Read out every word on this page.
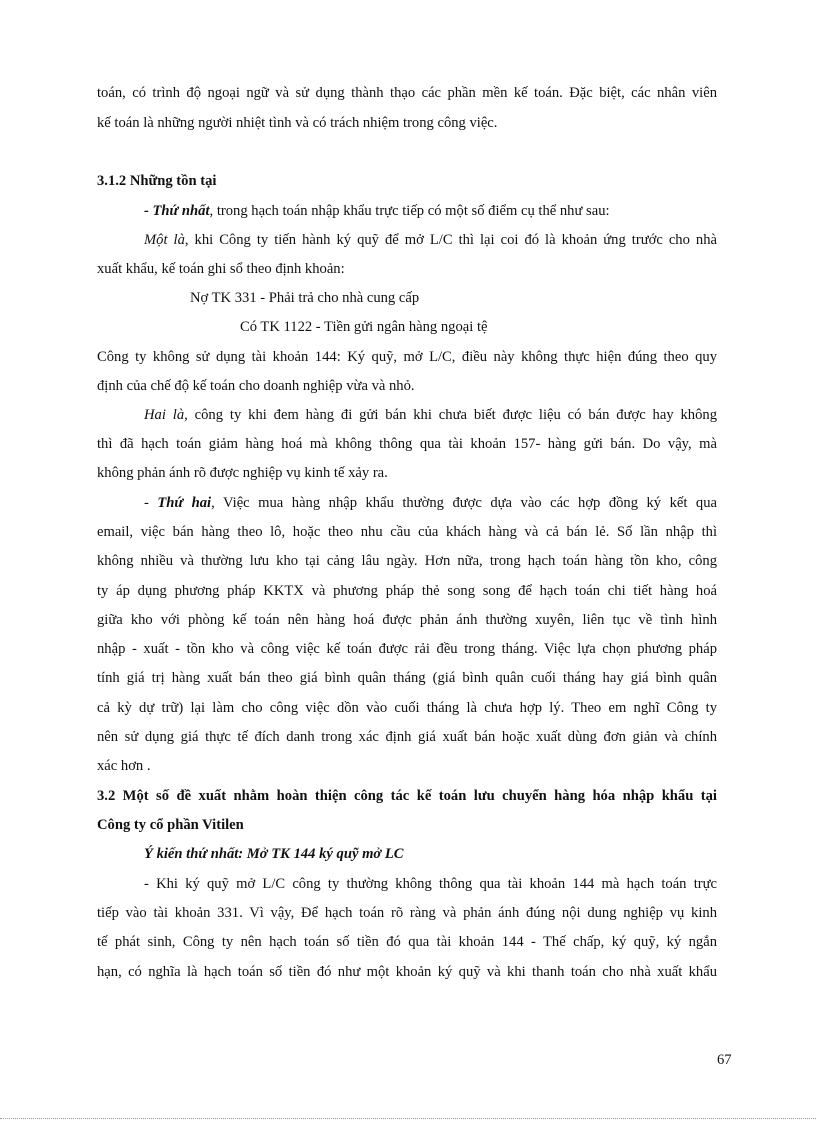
toán, có trình độ ngoại ngữ và sử dụng thành thạo các phần mền kế toán. Đặc biệt, các nhân viên
kế toán là những người nhiệt tình và có trách nhiệm trong công việc.
3.1.2 Những tồn tại
- Thứ nhất, trong hạch toán nhập khẩu trực tiếp có một số điểm cụ thể như sau:
Một là, khi Công ty tiến hành ký quỹ để mở L/C thì lại coi đó là khoản ứng trước cho nhà
xuất khẩu, kế toán ghi sổ theo định khoản:
Nợ TK 331 - Phải trả cho nhà cung cấp
Có TK 1122 - Tiền gửi ngân hàng ngoại tệ
Công ty không sử dụng tài khoản 144: Ký quỹ, mở L/C, điều này không thực hiện đúng theo quy
định của chế độ kế toán cho doanh nghiệp vừa và nhỏ.
Hai là, công ty khi đem hàng đi gửi bán khi chưa biết được liệu có bán được hay không
thì đã hạch toán giảm hàng hoá mà không thông qua tài khoản 157- hàng gửi bán. Do vậy, mà
không phản ánh rõ được nghiệp vụ kinh tế xảy ra.
- Thứ hai, Việc mua hàng nhập khẩu thường được dựa vào các hợp đồng ký kết qua
email, việc bán hàng theo lô, hoặc theo nhu cầu của khách hàng và cả bán lẻ. Số lần nhập thì
không nhiều và thường lưu kho tại cảng lâu ngày. Hơn nữa, trong hạch toán hàng tồn kho, công
ty áp dụng phương pháp KKTX và phương pháp thẻ song song để hạch toán chi tiết hàng hoá
giữa kho với phòng kế toán nên hàng hoá được phản ánh thường xuyên, liên tục về tình hình
nhập - xuất - tồn kho và công việc kế toán được rải đều trong tháng. Việc lựa chọn phương pháp
tính giá trị hàng xuất bán theo giá bình quân tháng (giá bình quân cuối tháng hay giá bình quân
cả kỳ dự trữ) lại làm cho công việc dồn vào cuối tháng là chưa hợp lý. Theo em nghĩ Công ty
nên sử dụng giá thực tế đích danh trong xác định giá xuất bán hoặc xuất dùng đơn giản và chính
xác hơn .
3.2 Một số đề xuất nhằm hoàn thiện công tác kế toán lưu chuyển hàng hóa nhập khẩu tại
Công ty cổ phần Vitilen
Ý kiến thứ nhất: Mở TK 144 ký quỹ mở LC
- Khi ký quỹ mở L/C công ty thường không thông qua tài khoản 144 mà hạch toán trực
tiếp vào tài khoản 331. Vì vậy, Để hạch toán rõ ràng và phản ánh đúng nội dung nghiệp vụ kinh
tế phát sinh, Công ty nên hạch toán số tiền đó qua tài khoản 144 - Thế chấp, ký quỹ, ký ngắn
hạn, có nghĩa là hạch toán số tiền đó như một khoản ký quỹ và khi thanh toán cho nhà xuất khẩu
67
